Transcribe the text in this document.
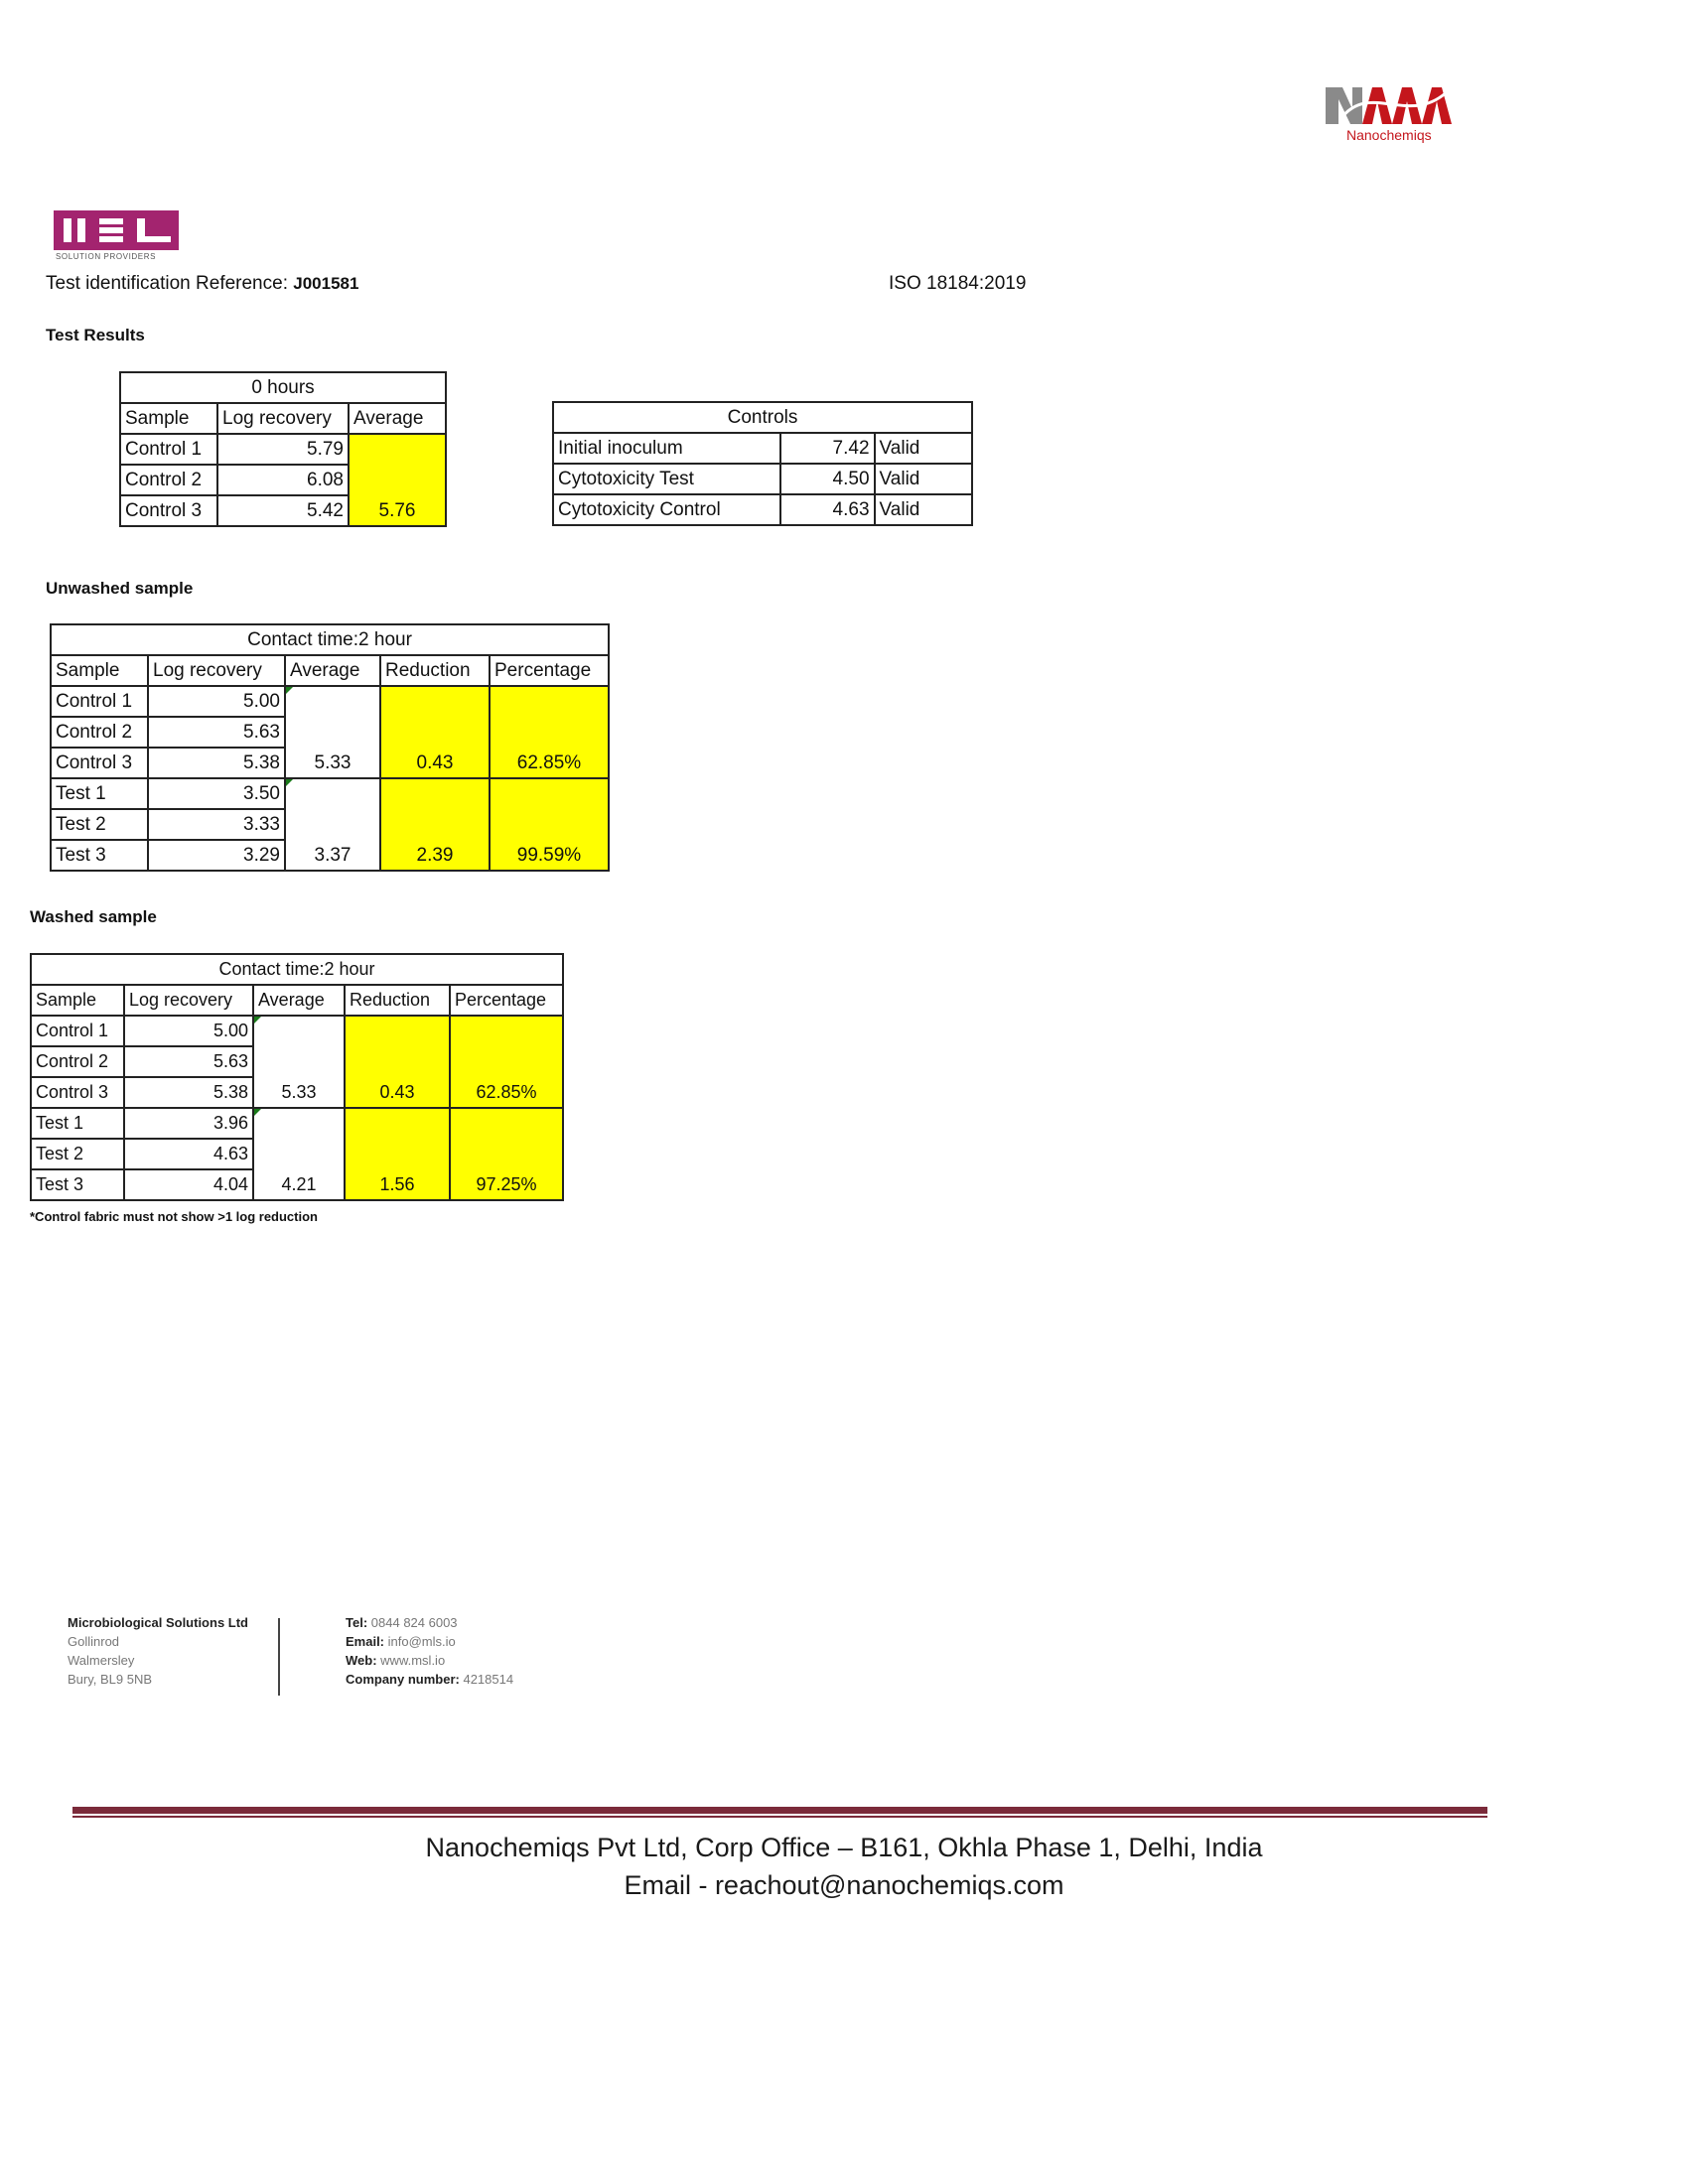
Nanochemiqs
SOLUTION PROVIDERS
Test identification Reference: J001581	ISO 18184:2019
Test Results
0 hours		
Sample	Log recovery	Average
Control 1	5.79	
Control 2	6.08	
Control 3	5.42	5.76
Controls		
Initial inoculum	7.42	Valid
Cytotoxicity Test	4.50	Valid
Cytotoxicity Control	4.63	Valid
Unwashed sample
Contact time:2 hour				
Sample	Log recovery	Average	Reduction	Percentage
Control 1	5.00			
Control 2	5.63			
Control 3	5.38	5.33	0.43	62.85%
Test 1	3.50			
Test 2	3.33			
Test 3	3.29	3.37	2.39	99.59%
Washed sample
Contact time:2 hour				
Sample	Log recovery	Average	Reduction	Percentage
Control 1	5.00			
Control 2	5.63			
Control 3	5.38	5.33	0.43	62.85%
Test 1	3.96			
Test 2	4.63			
Test 3	4.04	4.21	1.56	97.25%
*Control fabric must not show >1 log reduction
Microbiological Solutions Ltd
Gollinrod
Walmersley
Bury, BL9 5NB
Tel: 0844 824 6003
Email: info@mls.io
Web: www.msl.io
Company number: 4218514
Nanochemiqs Pvt Ltd, Corp Office – B161, Okhla Phase 1, Delhi, India
Email - reachout@nanochemiqs.com
